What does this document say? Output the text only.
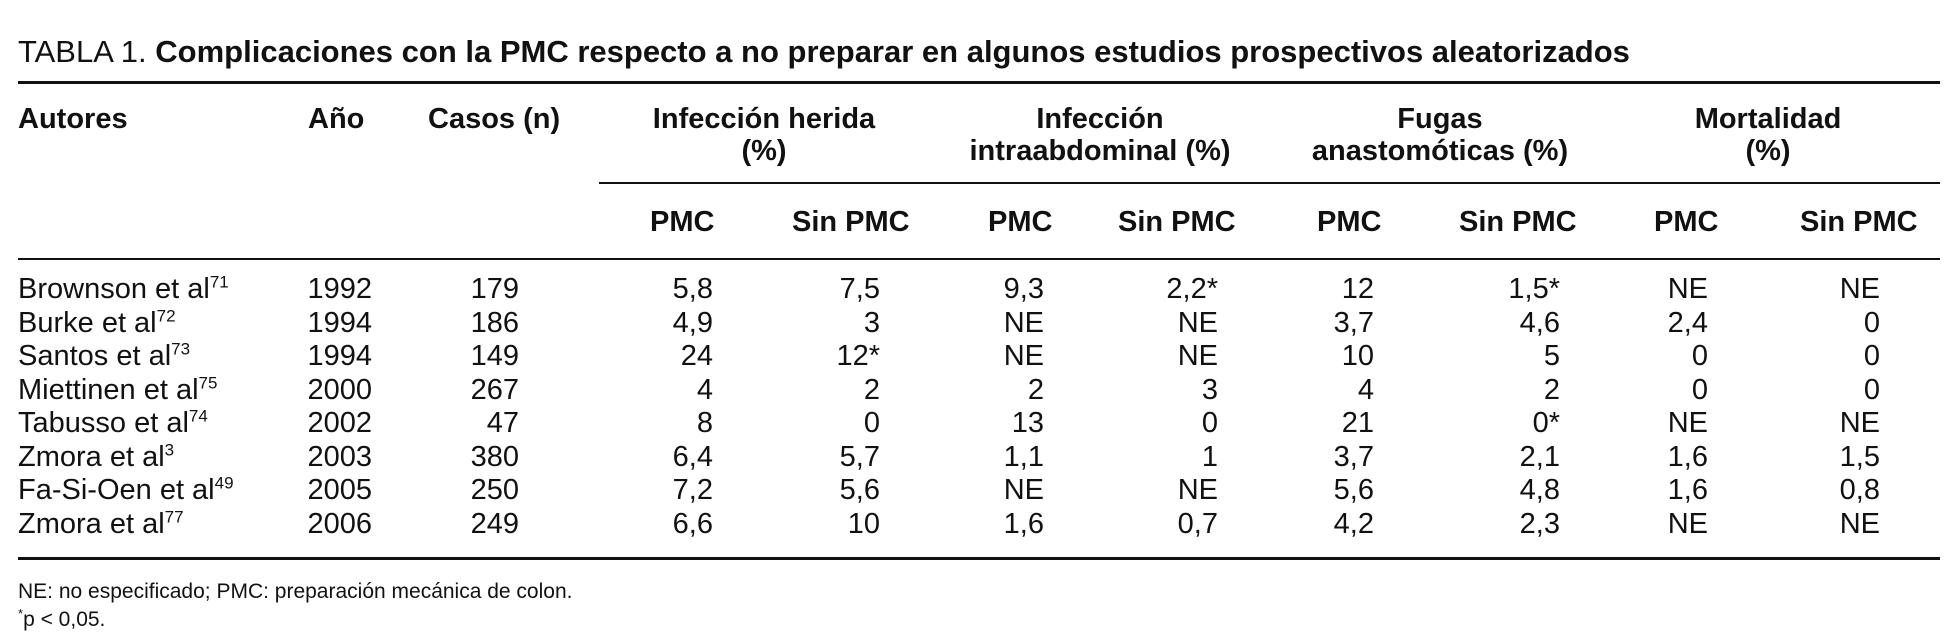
TABLA 1. Complicaciones con la PMC respecto a no preparar en algunos estudios prospectivos aleatorizados
Autores	Año Casos (n)	Infección herida
(%)
Infección
intraabdominal (%)
Fugas
anastomóticas (%)
Mortalidad
(%)
PMC	Sin PMC	PMC Sin PMC	PMC	Sin PMC	PMC	Sin PMC
Brownson et $al^{71}$	1992	179	5,8	7,5	9,3	2,2*	12	1,5*	NE	NE
Burke et $al^{72}$	1994	186	4,9	3	NE	NE	3,7	4,6	2,4	0
Santos et $al^{73}$	1994	149	24	12*	NE	NE	10	5	0	0
Miettinen et $al^{75}$	2000	267	4	2	2	3	4	2	0	0
Tabusso et $al^{74}$	2002	47	8	0	13	0	21	0*	NE	NE
Zmora et $al^3$	2003	380	6,4	5,7	1,1	1	3,7	2,1	1,6	1,5
Fa-Si-Oen et $al^{49}$	2005	250	7,2	5,6	NE	NE	5,6	4,8	1,6	0,8
Zmora et $al^{77}$	2006	249	6,6	10	1,6	0,7	4,2	2,3	NE	NE
NE: no especificado; PMC: preparación mecánica de colon.
*p < 0,05.
